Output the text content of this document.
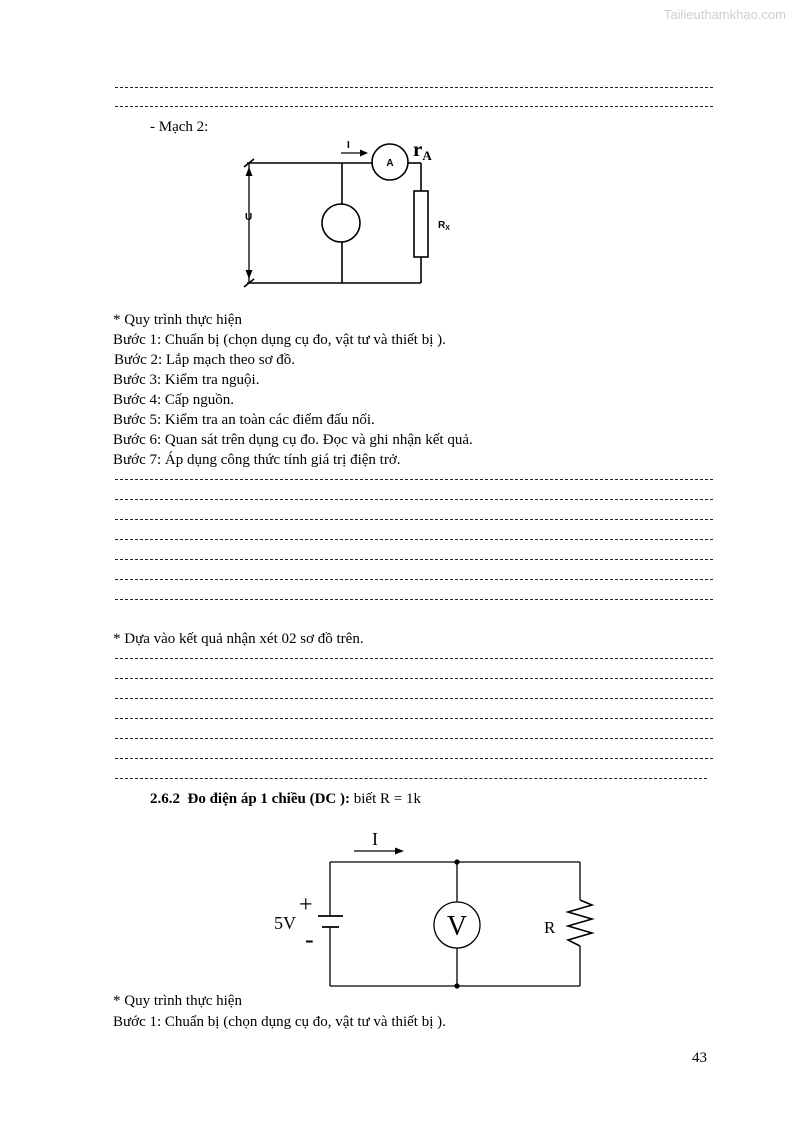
Tailieuthamkhao.com
- Mạch 2:
I
A
rA
U
$R_X$
* Quy trình thực hiện
Bước 1: Chuẩn bị (chọn dụng cụ đo, vật tư và thiết bị ).
Bước 2: Lắp mạch theo sơ đồ.
Bước 3: Kiểm tra nguội.
Bước 4: Cấp nguồn.
Bước 5: Kiểm tra an toàn các điểm đấu nối.
Bước 6: Quan sát trên dụng cụ đo. Đọc và ghi nhận kết quả.
Bước 7: Áp dụng công thức tính giá trị điện trở.
* Dựa vào kết quả nhận xét 02 sơ đồ trên.
2.6.2 Đo điện áp 1 chiều (DC ): biết R = 1k
I
+
5V
-	V	R
* Quy trình thực hiện
Bước 1: Chuẩn bị (chọn dụng cụ đo, vật tư và thiết bị ).
43
